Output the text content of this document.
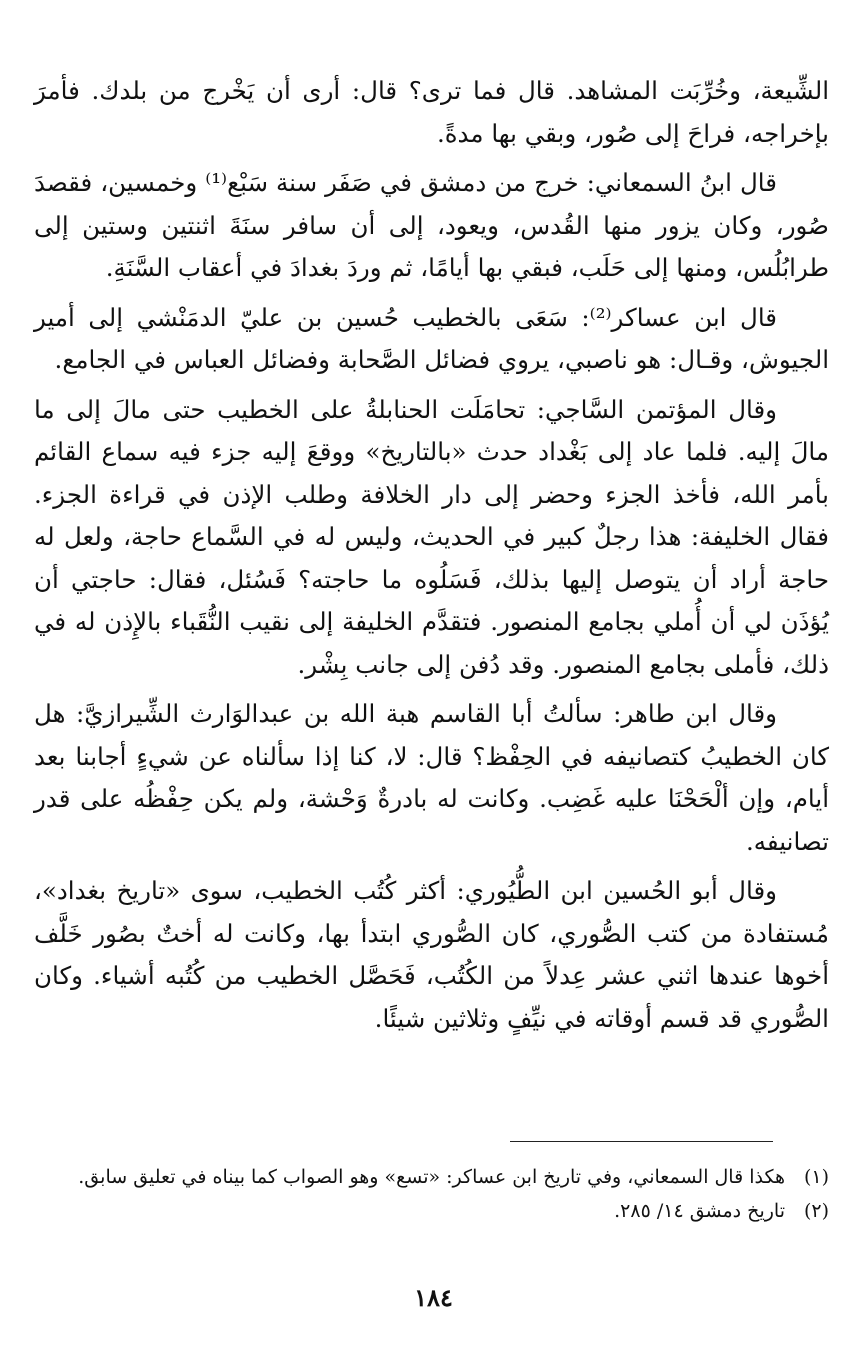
الشِّيعة، وخُرِّبَت المشاهد. قال فما ترى؟ قال: أرى أن يَخْرج من بلدك. فأمرَ بإخراجه، فراحَ إلى صُور، وبقي بها مدةً.

قال ابنُ السمعاني: خرج من دمشق في صَفَر سنة سَبْع⁽¹⁾ وخمسين، فقصدَ صُور، وكان يزور منها القُدس، ويعود، إلى أن سافر سنَةَ اثنتين وستين إلى طرابُلُس، ومنها إلى حَلَب، فبقي بها أيامًا، ثم وردَ بغدادَ في أعقاب السَّنَةِ.

قال ابن عساكر⁽²⁾: سَعَى بالخطيب حُسين بن عليّ الدمَنْشي إلى أمير الجيوش، وقـال: هو ناصبي، يروي فضائل الصَّحابة وفضائل العباس في الجامع.

وقال المؤتمن السَّاجي: تحامَلَت الحنابلةُ على الخطيب حتى مالَ إلى ما مالَ إليه. فلما عاد إلى بَغْداد حدث «بالتاريخ» ووقعَ إليه جزء فيه سماع القائم بأمر الله، فأخذ الجزء وحضر إلى دار الخلافة وطلب الإذن في قراءة الجزء. فقال الخليفة: هذا رجلٌ كبير في الحديث، وليس له في السَّماع حاجة، ولعل له حاجة أراد أن يتوصل إليها بذلك، فَسَلُوه ما حاجته؟ فَسُئل، فقال: حاجتي أن يُؤذَن لي أن أُملي بجامع المنصور. فتقدَّم الخليفة إلى نقيب النُّقَباء بالإِذن له في ذلك، فأملى بجامع المنصور. وقد دُفن إلى جانب بِشْر.

وقال ابن طاهر: سألتُ أبا القاسم هبة الله بن عبدالوَارث الشِّيرازيَّ: هل كان الخطيبُ كتصانيفه في الحِفْظ؟ قال: لا، كنا إذا سألناه عن شيءٍ أجابنا بعد أيام، وإن ألْحَحْنَا عليه غَضِب. وكانت له بادرةٌ وَحْشة، ولم يكن حِفْظُه على قدر تصانيفه.

وقال أبو الحُسين ابن الطُّيُوري: أكثر كُتُب الخطيب، سوى «تاريخ بغداد»، مُستفادة من كتب الصُّوري، كان الصُّوري ابتدأ بها، وكانت له أختٌ بصُور خَلَّف أخوها عندها اثني عشر عِدلاً من الكُتُب، فَحَصَّل الخطيب من كُتُبه أشياء. وكان الصُّوري قد قسم أوقاته في نيِّفٍ وثلاثين شيئًا.

(١)
هكذا قال السمعاني، وفي تاريخ ابن عساكر: «تسع» وهو الصواب كما بيناه في تعليق سابق.

(٢)
تاريخ دمشق ١٤/ ٢٨٥.

١٨٤
